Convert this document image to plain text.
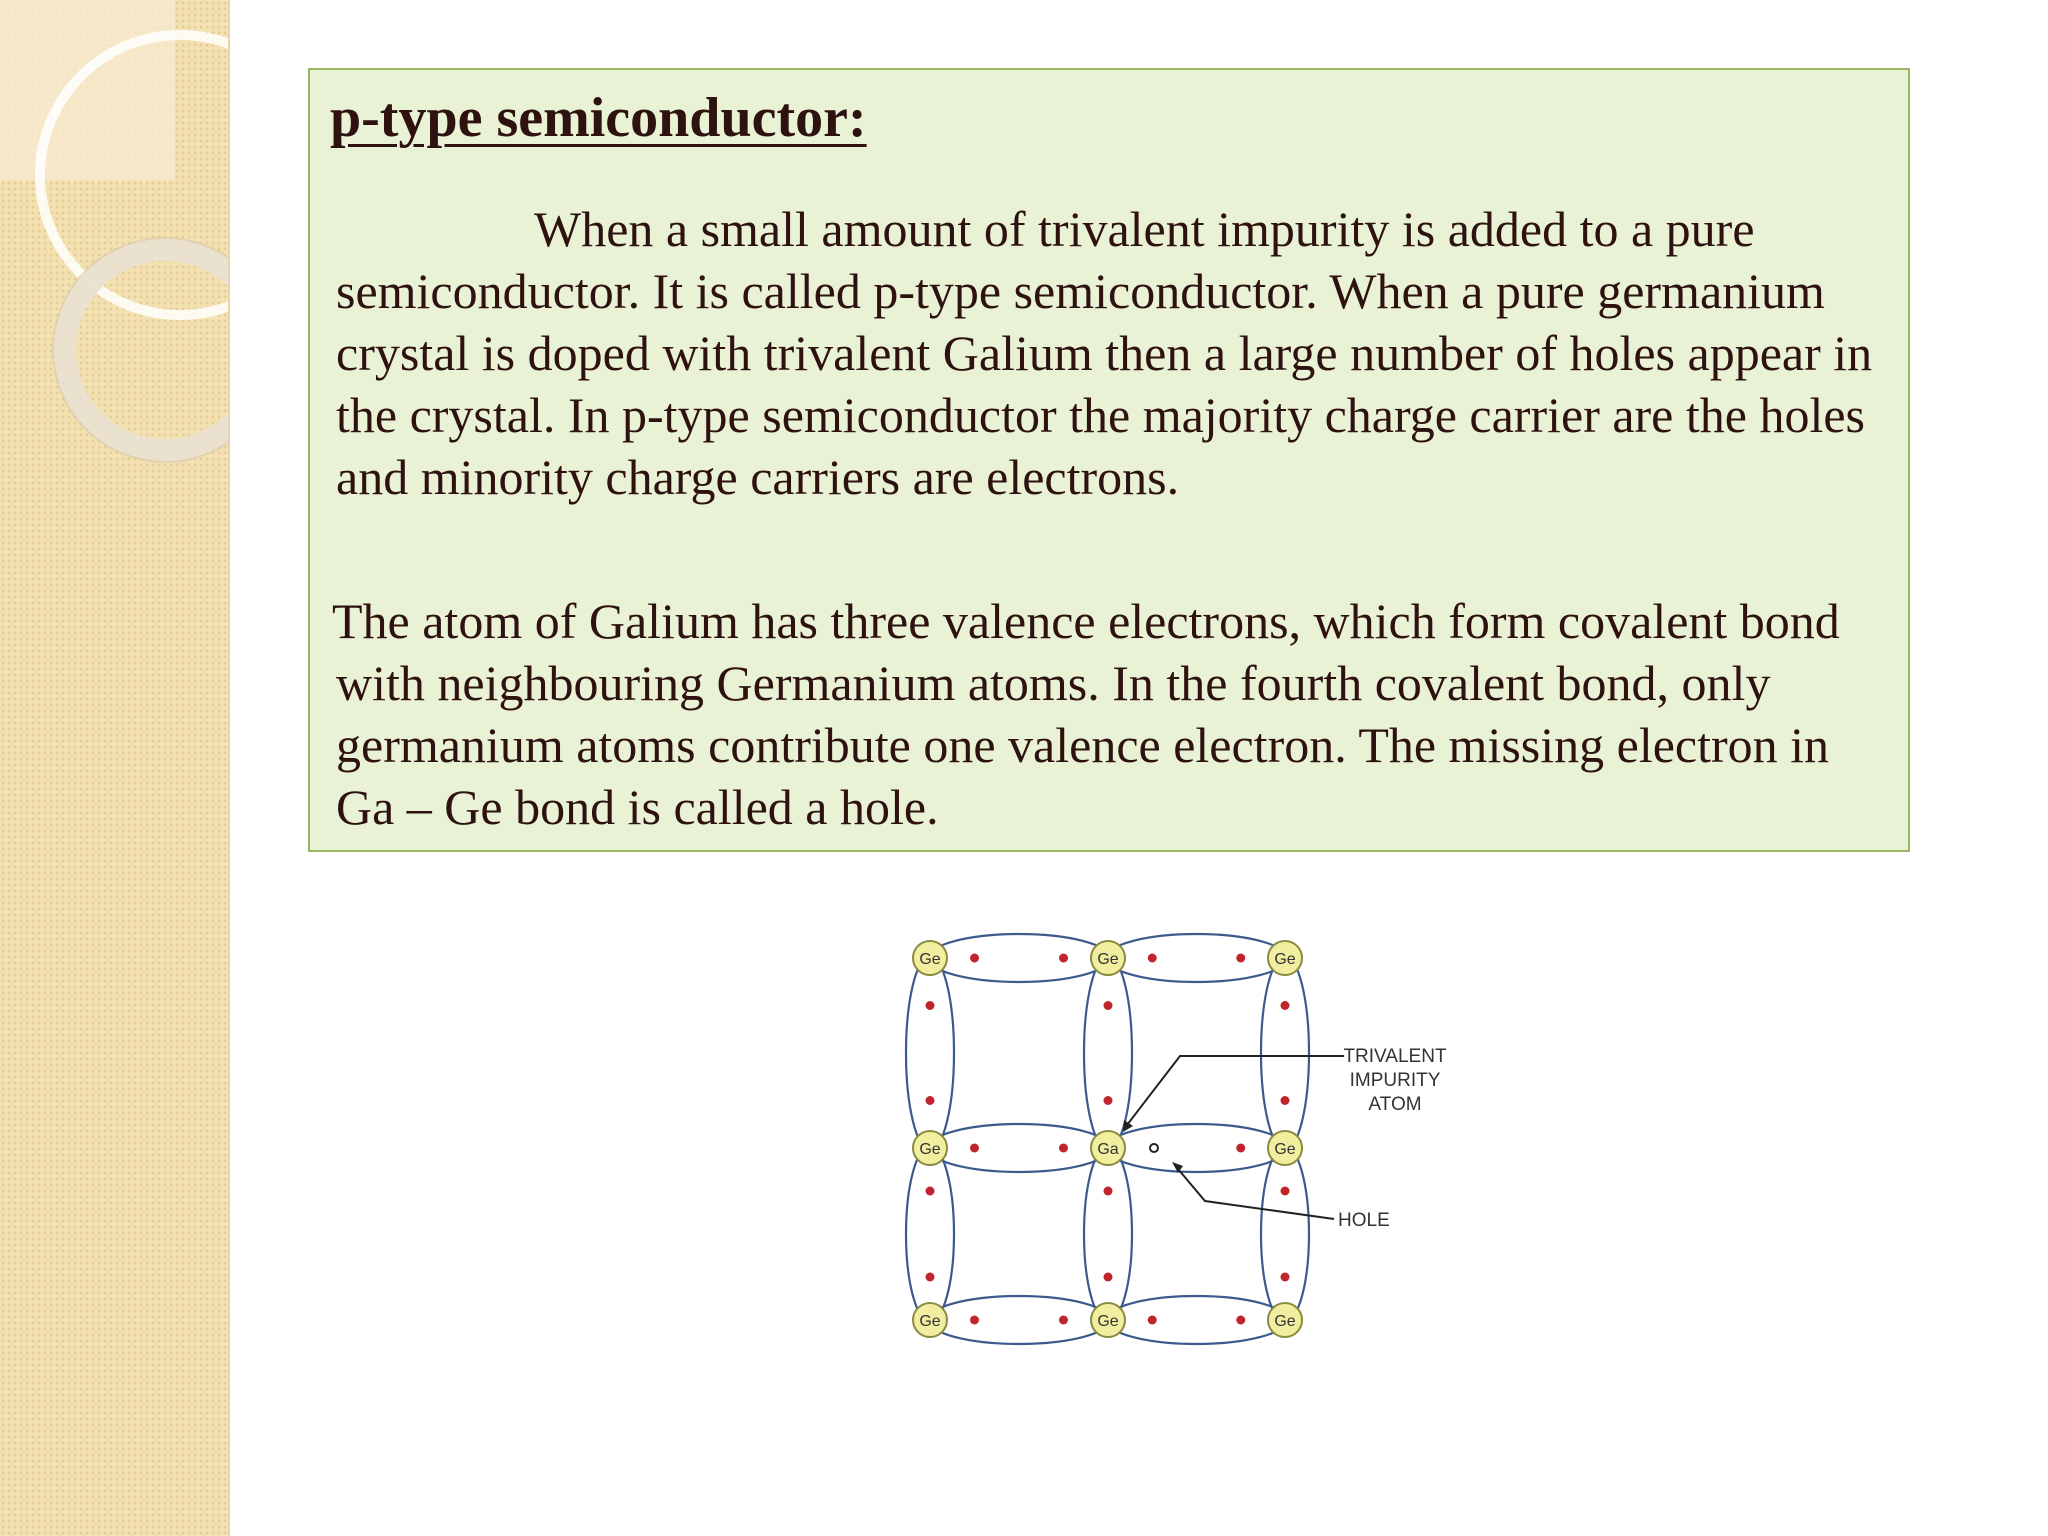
p-type semiconductor:

When a small amount of trivalent impurity is added to a pure semiconductor. It is called p-type semiconductor. When a pure germanium crystal is doped with trivalent Galium then a large number of holes appear in the crystal. In p-type semiconductor the majority charge carrier are the holes and minority charge carriers are electrons.

The atom of Galium has three valence electrons, which form covalent bond with neighbouring Germanium atoms. In the fourth covalent bond, only germanium atoms contribute one valence electron. The missing electron in Ga – Ge bond is called a hole.

Ge	Ge	Ge
Ge	Ga	Ge
Ge	Ge	Ge
TRIVALENT
IMPURITY
ATOM
HOLE
